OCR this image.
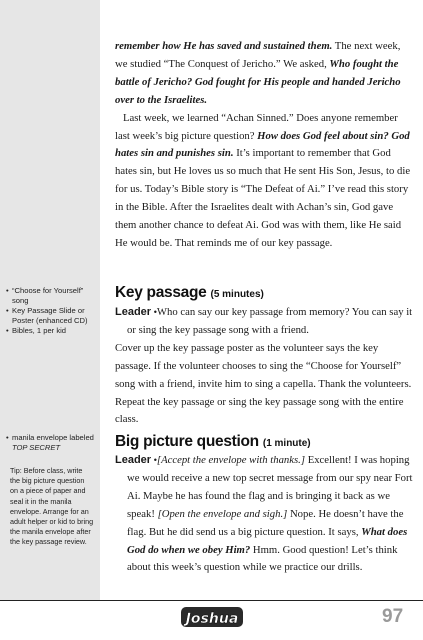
• “Choose for Yourself” song
• Key Passage Slide or Poster (enhanced CD)
• Bibles, 1 per kid
• manila envelope labeled TOP SECRET
Tip: Before class, write the big picture question on a piece of paper and seal it in the manila envelope. Arrange for an adult helper or kid to bring the manila envelope after the key passage review.

remember how He has saved and sustained them. The next week, we studied “The Conquest of Jericho.” We asked, Who fought the battle of Jericho? God fought for His people and handed Jericho over to the Israelites.

Last week, we learned “Achan Sinned.” Does anyone remember last week’s big picture question? How does God feel about sin? God hates sin and punishes sin. It’s important to remember that God hates sin, but He loves us so much that He sent His Son, Jesus, to die for us. Today’s Bible story is “The Defeat of Ai.” I’ve read this story in the Bible. After the Israelites dealt with Achan’s sin, God gave them another chance to defeat Ai. God was with them, like He said He would be. That reminds me of our key passage.

Key passage (5 minutes)

Leader •Who can say our key passage from memory? You can say it or sing the key passage song with a friend.

Cover up the key passage poster as the volunteer says the key passage. If the volunteer chooses to sing the “Choose for Yourself” song with a friend, invite him to sing a capella. Thank the volunteers. Repeat the key passage or sing the key passage song with the entire class.

Big picture question (1 minute)

Leader •[Accept the envelope with thanks.] Excellent! I was hoping we would receive a new top secret message from our spy near Fort Ai. Maybe he has found the flag and is bringing it back as we speak! [Open the envelope and sigh.] Nope. He doesn’t have the flag. But he did send us a big picture question. It says, What does God do when we obey Him? Hmm. Good question! Let’s think about this week’s question while we practice our drills.

Joshua	97
